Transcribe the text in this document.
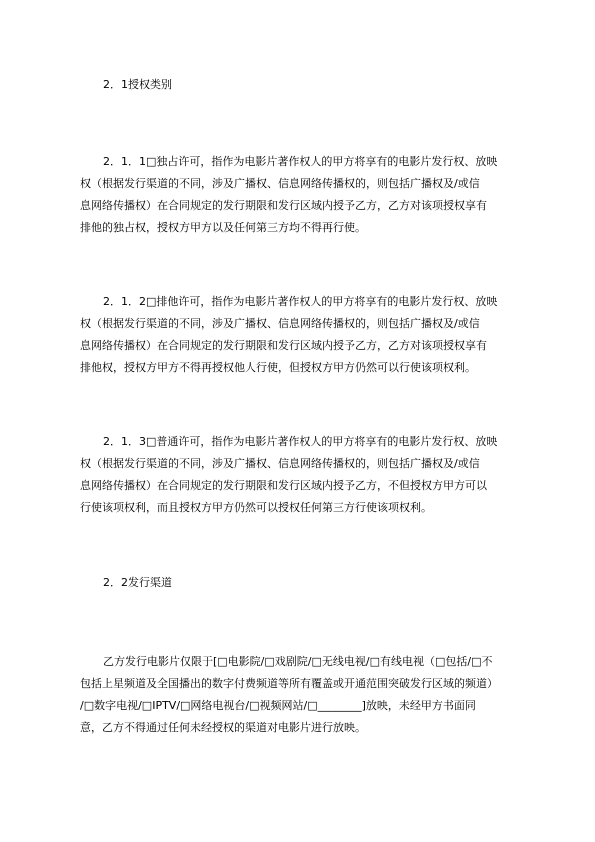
2．1授权类别
2．1．1□独占许可，指作为电影片著作权人的甲方将享有的电影片发行权、放映
权（根据发行渠道的不同，涉及广播权、信息网络传播权的，则包括广播权及/或信
息网络传播权）在合同规定的发行期限和发行区域内授予乙方，乙方对该项授权享有
排他的独占权，授权方甲方以及任何第三方均不得再行使。
2．1．2□排他许可，指作为电影片著作权人的甲方将享有的电影片发行权、放映
权（根据发行渠道的不同，涉及广播权、信息网络传播权的，则包括广播权及/或信
息网络传播权）在合同规定的发行期限和发行区域内授予乙方，乙方对该项授权享有
排他权，授权方甲方不得再授权他人行使，但授权方甲方仍然可以行使该项权利。
2．1．3□普通许可，指作为电影片著作权人的甲方将享有的电影片发行权、放映
权（根据发行渠道的不同，涉及广播权、信息网络传播权的，则包括广播权及/或信
息网络传播权）在合同规定的发行期限和发行区域内授予乙方，不但授权方甲方可以
行使该项权利，而且授权方甲方仍然可以授权任何第三方行使该项权利。
2．2发行渠道
乙方发行电影片仅限于[□电影院/□戏剧院/□无线电视/□有线电视（□包括/□不
包括上星频道及全国播出的数字付费频道等所有覆盖或开通范围突破发行区域的频道）
/□数字电视/□IPTV/□网络电视台/□视频网站/□________]放映，未经甲方书面同
意，乙方不得通过任何未经授权的渠道对电影片进行放映。
